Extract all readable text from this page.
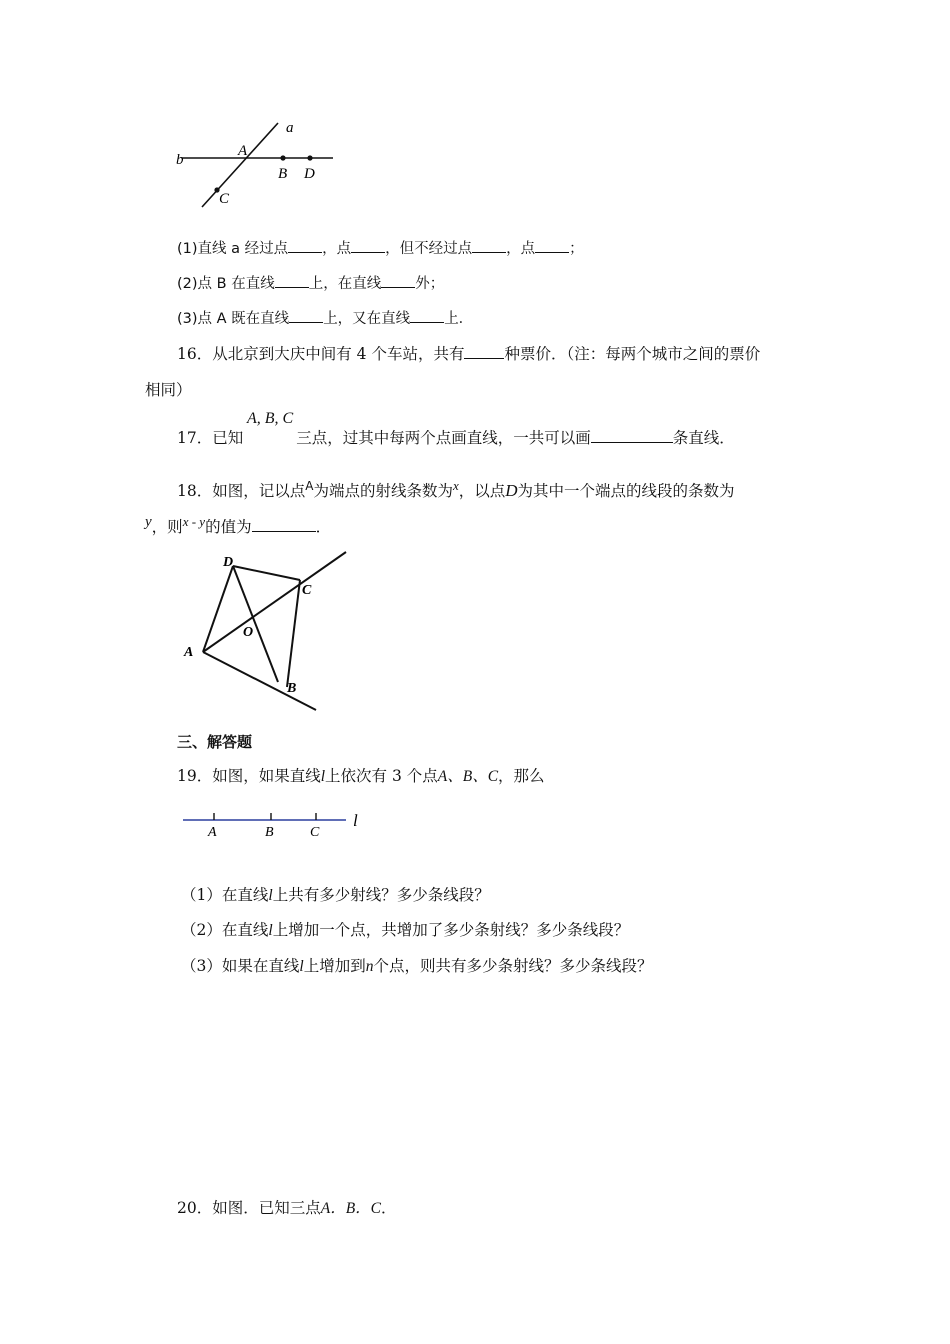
a
b
A
B D
C
(1)直线 a 经过点 ，点 ，但不经过点 ，点 ；
(2)点 B 在直线 上，在直线 外；
(3)点 A 既在直线 上，又在直线 上．
16．从北京到大庆中间有 4 个车站，共有	种票价．（注：每两个城市之间的票价
相同）
A, B, C
17．已知	三点，过其中每两个点画直线，一共可以画	条直线．
18．如图，记以点$^A$为端点的射线条数为$^x$，以点D为其中一个端点的线段的条数为
y，则$^{x - y}$的值为	．
D
C
O
A
B
三、解答题
19．如图，如果直线l上依次有 3 个点A、B、C，那么
A	B	C
l
（1）在直线l上共有多少射线？多少条线段？
（2）在直线l上增加一个点，共增加了多少条射线？多少条线段？
（3）如果在直线l上增加到n个点，则共有多少条射线？多少条线段？
20．如图．已知三点A．B．C．
